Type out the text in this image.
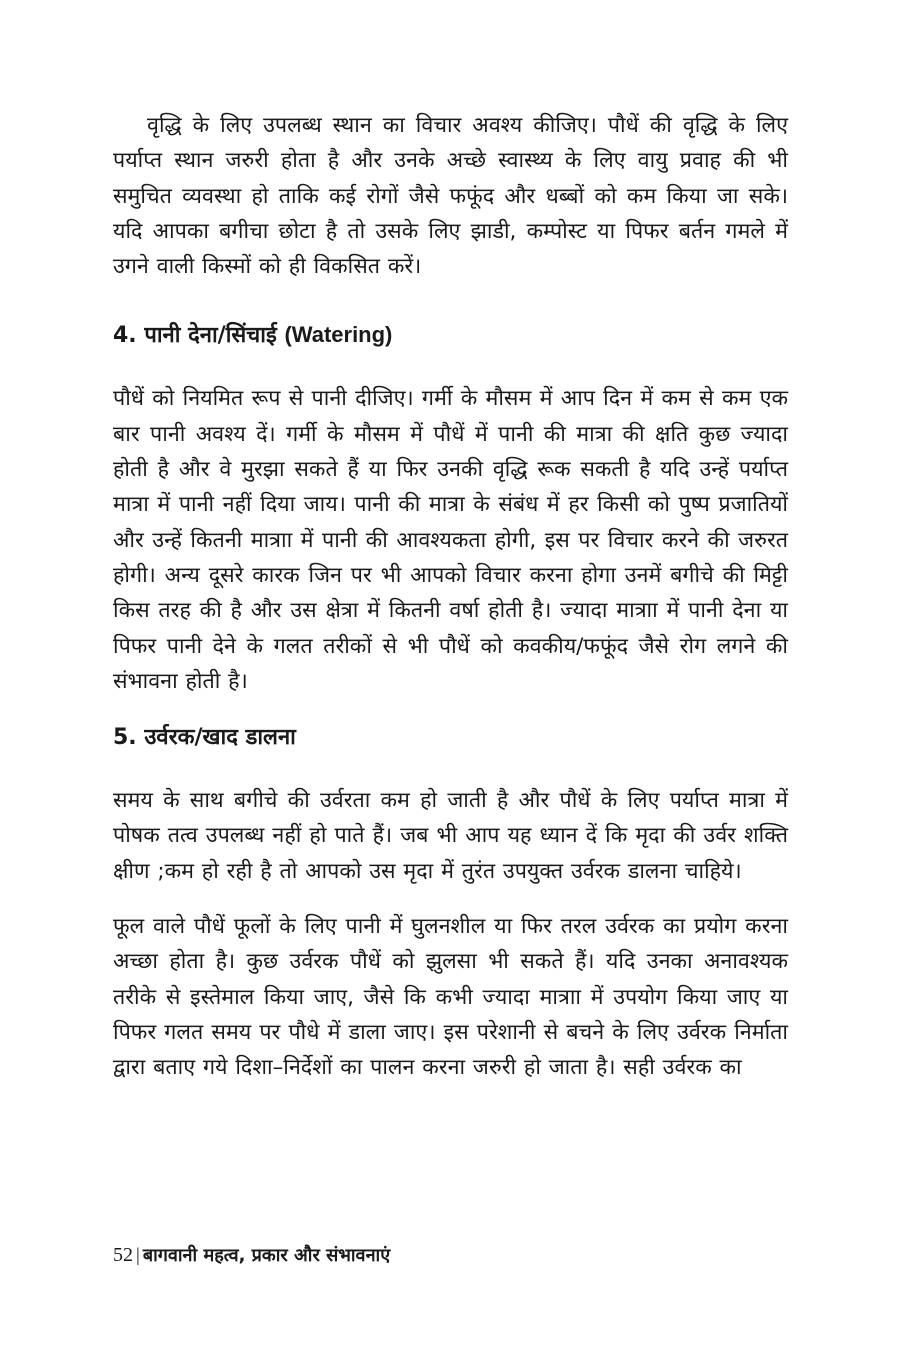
वृद्धि के लिए उपलब्ध स्थान का विचार अवश्य कीजिए। पौधें की वृद्धि के लिए पर्याप्त स्थान जरुरी होता है और उनके अच्छे स्वास्थ्य के लिए वायु प्रवाह की भी समुचित व्यवस्था हो ताकि कई रोगों जैसे फफूंद और धब्बों को कम किया जा सके। यदि आपका बगीचा छोटा है तो उसके लिए झाडी, कम्पोस्ट या पिफर बर्तन गमले में उगने वाली किस्मों को ही विकसित करें।

4. पानी देना/सिंचाई (Watering)

पौधें को नियमित रूप से पानी दीजिए। गर्मी के मौसम में आप दिन में कम से कम एक बार पानी अवश्य दें। गर्मी के मौसम में पौधें में पानी की मात्रा की क्षति कुछ ज्यादा होती है और वे मुरझा सकते हैं या फिर उनकी वृद्धि रूक सकती है यदि उन्हें पर्याप्त मात्रा में पानी नहीं दिया जाय। पानी की मात्रा के संबंध में हर किसी को पुष्प प्रजातियों और उन्हें कितनी मात्राा में पानी की आवश्यकता होगी, इस पर विचार करने की जरुरत होगी। अन्य दूसरे कारक जिन पर भी आपको विचार करना होगा उनमें बगीचे की मिट्टी किस तरह की है और उस क्षेत्रा में कितनी वर्षा होती है। ज्यादा मात्राा में पानी देना या पिफर पानी देने के गलत तरीकों से भी पौधें को कवकीय/फफूंद जैसे रोग लगने की संभावना होती है।

5. उर्वरक/खाद डालना

समय के साथ बगीचे की उर्वरता कम हो जाती है और पौधें के लिए पर्याप्त मात्रा में पोषक तत्व उपलब्ध नहीं हो पाते हैं। जब भी आप यह ध्यान दें कि मृदा की उर्वर शक्ति क्षीण ;कम हो रही है तो आपको उस मृदा में तुरंत उपयुक्त उर्वरक डालना चाहिये।

फूल वाले पौधें फूलों के लिए पानी में घुलनशील या फिर तरल उर्वरक का प्रयोग करना अच्छा होता है। कुछ उर्वरक पौधें को झुलसा भी सकते हैं। यदि उनका अनावश्यक तरीके से इस्तेमाल किया जाए, जैसे कि कभी ज्यादा मात्राा में उपयोग किया जाए या पिफर गलत समय पर पौधे में डाला जाए। इस परेशानी से बचने के लिए उर्वरक निर्माता द्वारा बताए गये दिशा–निर्देशों का पालन करना जरुरी हो जाता है। सही उर्वरक का

52 | बागवानी महत्व, प्रकार और संभावनाएं
